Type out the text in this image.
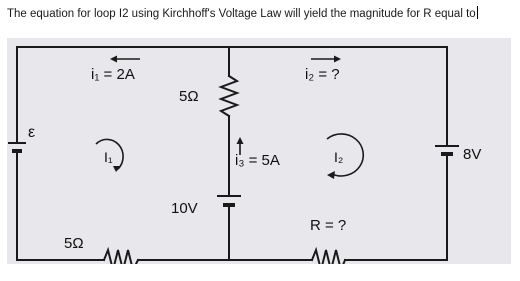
The equation for loop I2 using Kirchhoff's Voltage Law will yield the magnitude for R equal to
i₁ = 2A	i₂ = ?
i₃ = 5A
ε
I₁	I₂
5Ω
5Ω
10V
8V
R = ?
